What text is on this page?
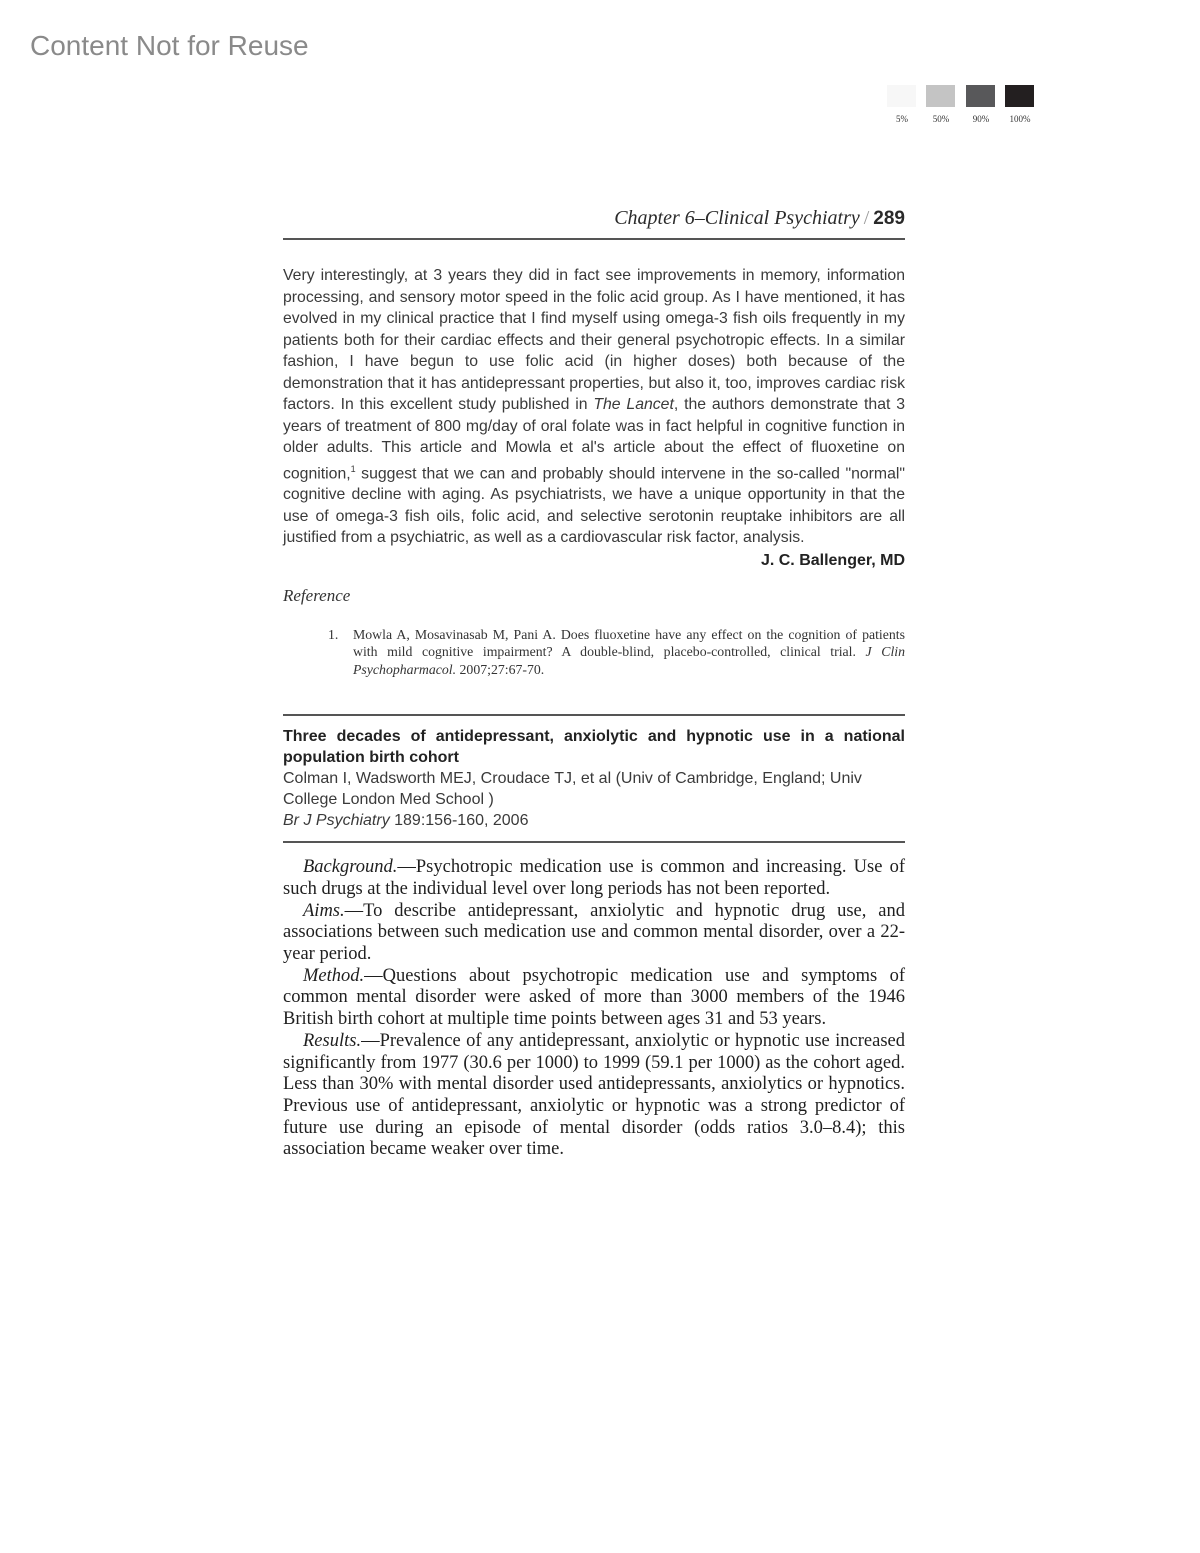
Content Not for Reuse
5%	50%	90%	100%
Chapter 6–Clinical Psychiatry / 289
Very interestingly, at 3 years they did in fact see improvements in memory, information processing, and sensory motor speed in the folic acid group. As I have mentioned, it has evolved in my clinical practice that I find myself using omega-3 fish oils frequently in my patients both for their cardiac effects and their general psychotropic effects. In a similar fashion, I have begun to use folic acid (in higher doses) both because of the demonstration that it has antidepressant properties, but also it, too, improves cardiac risk factors. In this excellent study published in The Lancet, the authors demonstrate that 3 years of treatment of 800 mg/day of oral folate was in fact helpful in cognitive function in older adults. This article and Mowla et al's article about the effect of fluoxetine on cognition,$^1$ suggest that we can and probably should intervene in the so-called "normal" cognitive decline with aging. As psychiatrists, we have a unique opportunity in that the use of omega-3 fish oils, folic acid, and selective serotonin reuptake inhibitors are all justified from a psychiatric, as well as a cardiovascular risk factor, analysis.
J. C. Ballenger, MD
Reference
1. Mowla A, Mosavinasab M, Pani A. Does fluoxetine have any effect on the cognition of patients with mild cognitive impairment? A double-blind, placebo-controlled, clinical trial. J Clin Psychopharmacol. 2007;27:67-70.
Three decades of antidepressant, anxiolytic and hypnotic use in a national population birth cohort
Colman I, Wadsworth MEJ, Croudace TJ, et al (Univ of Cambridge, England; Univ College London Med School )
Br J Psychiatry 189:156-160, 2006

Background.—Psychotropic medication use is common and increasing. Use of such drugs at the individual level over long periods has not been reported.

Aims.—To describe antidepressant, anxiolytic and hypnotic drug use, and associations between such medication use and common mental disorder, over a 22-year period.

Method.—Questions about psychotropic medication use and symptoms of common mental disorder were asked of more than 3000 members of the 1946 British birth cohort at multiple time points between ages 31 and 53 years.

Results.—Prevalence of any antidepressant, anxiolytic or hypnotic use increased significantly from 1977 (30.6 per 1000) to 1999 (59.1 per 1000) as the cohort aged. Less than 30% with mental disorder used antidepressants, anxiolytics or hypnotics. Previous use of antidepressant, anxiolytic or hypnotic was a strong predictor of future use during an episode of mental disorder (odds ratios 3.0–8.4); this association became weaker over time.
